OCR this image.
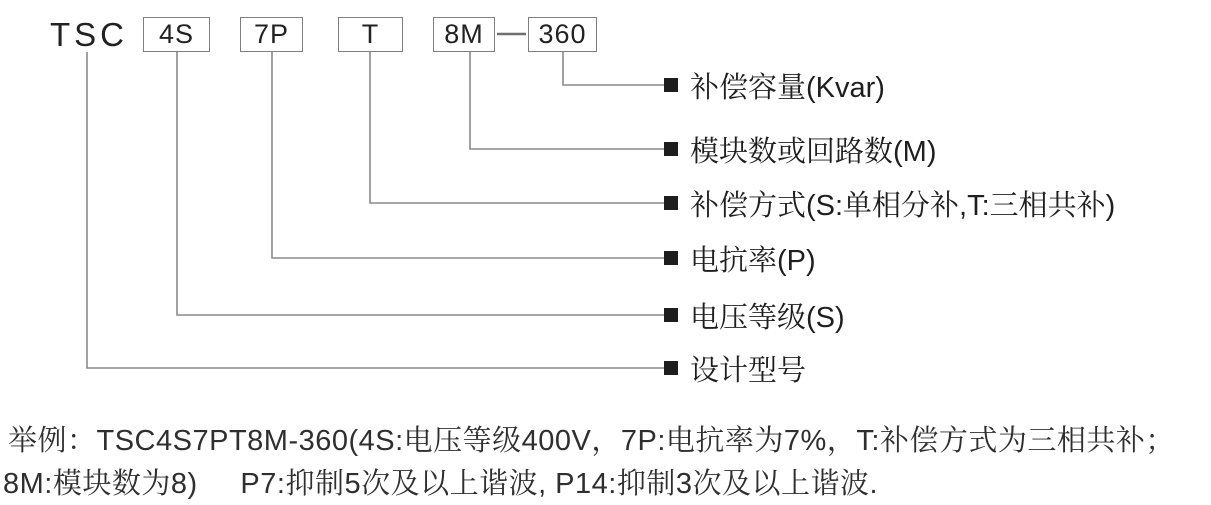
TSC	4S	7P	T	8M	360
补偿容量(Kvar)
模块数或回路数(M)
补偿方式(S:单相分补,T:三相共补)
电抗率(P)
电压等级(S)
设计型号
举例：TSC4S7PT8M-360(4S:电压等级400V，7P:电抗率为7%，T:补偿方式为三相共补；
8M:模块数为8)     P7:抑制5次及以上谐波, P14:抑制3次及以上谐波.
